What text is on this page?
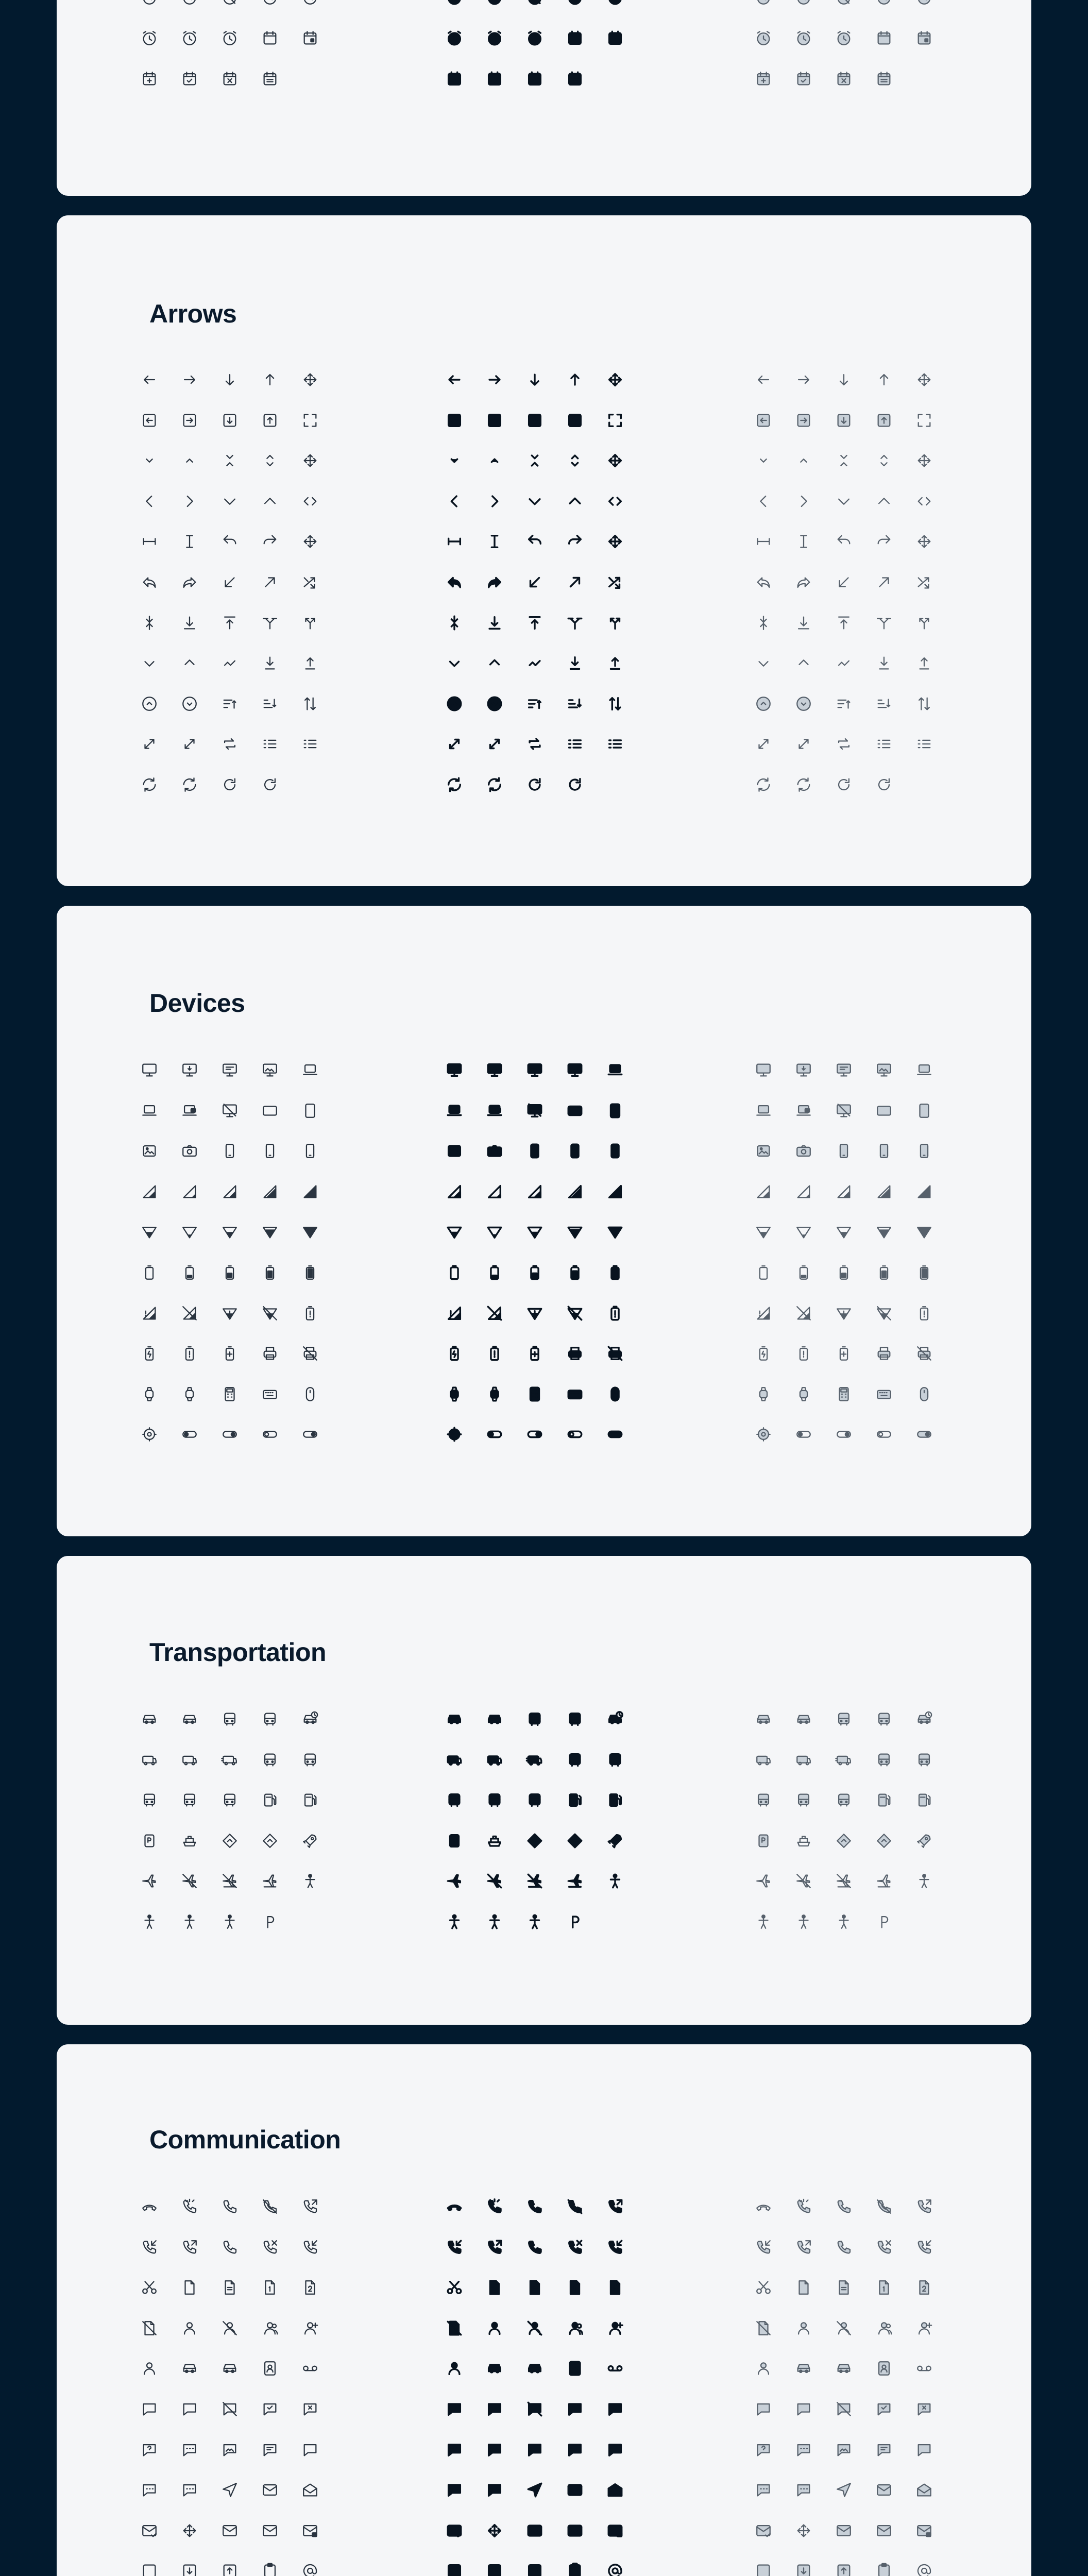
Arrows
Devices
Transportation
Communication
